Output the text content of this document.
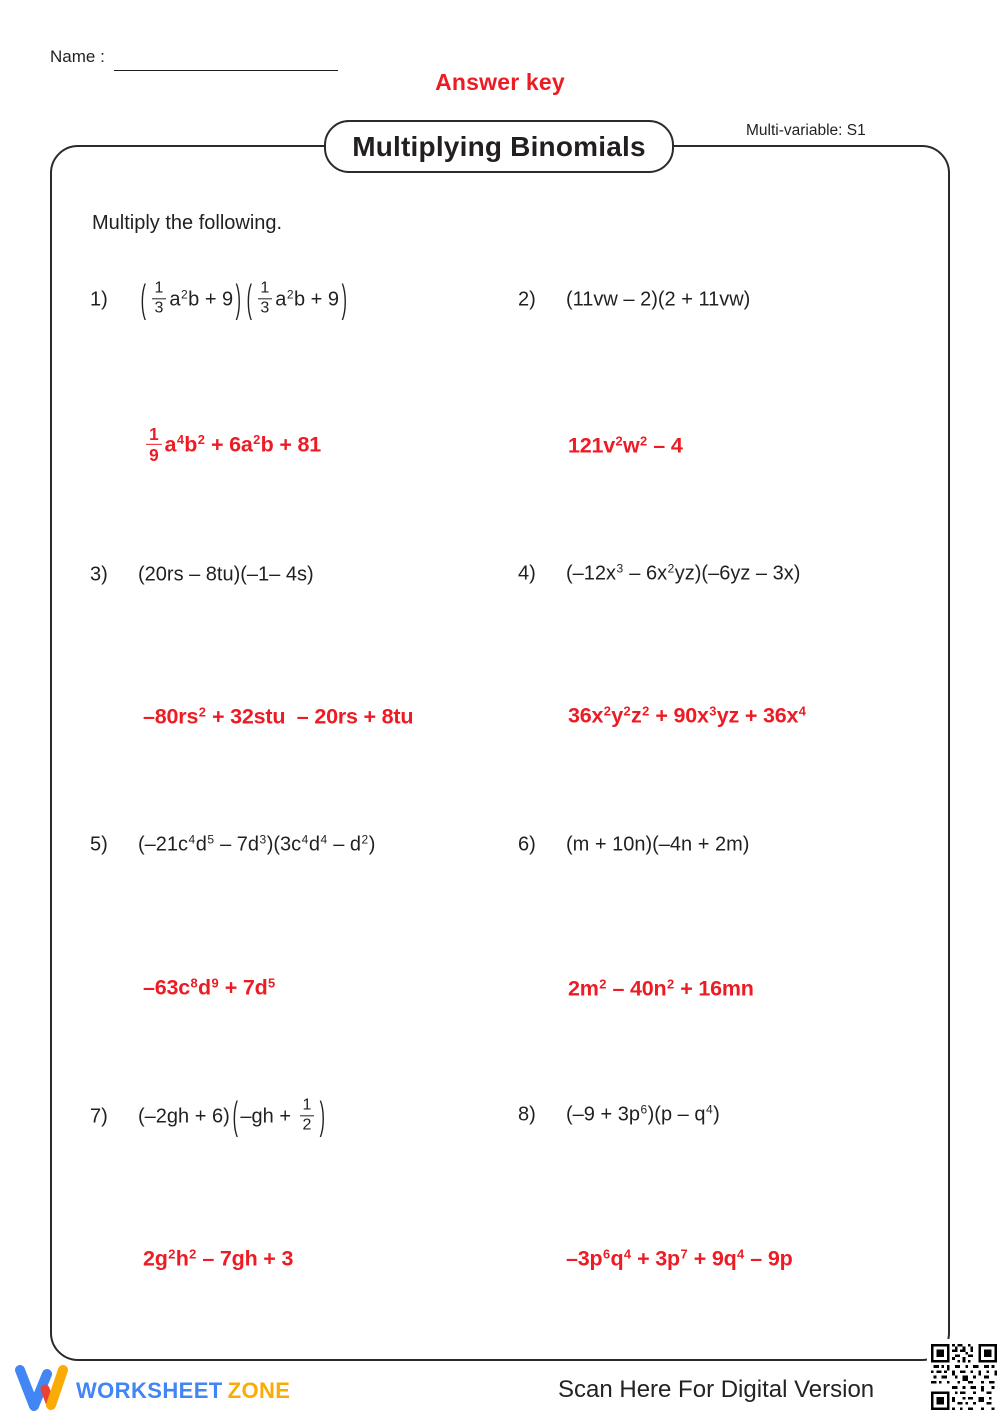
Name :
Answer key
Multiplying Binomials	Multi-variable: S1
Multiply the following.
1)	( $\frac{1}{3} a^2b + 9$ ) ( $\frac{1}{3} a^2b + 9$ )	2)	(11vw – 2)(2 + 11vw)
$\frac{1}{9} a^4b^2 + 6a^2b + 81$	$121v^2w^2 - 4$
3)	(20rs – 8tu)(–1– 4s)	4)	$(-12x^3 - 6x^2yz)(-6yz - 3x)$
$-80rs^2 + 32stu - 20rs + 8tu$	$36x^2y^2z^2 + 90x^3yz + 36x^4$
5)	$(-21c^4d^5 - 7d^3)(3c^4d^4 - d^2)$	6)	(m + 10n)(–4n + 2m)
$-63c^8d^9 + 7d^5$	$2m^2 - 40n^2 + 16mn$
7)	(–2gh + 6) ( $-gh + \frac{1}{2}$ )	8)	$(-9 + 3p^6)(p - q^4)$
$2g^2h^2 - 7gh + 3$	$-3p^6q^4 + 3p^7 + 9q^4 - 9p$
WORKSHEET ZONE	Scan Here For Digital Version
